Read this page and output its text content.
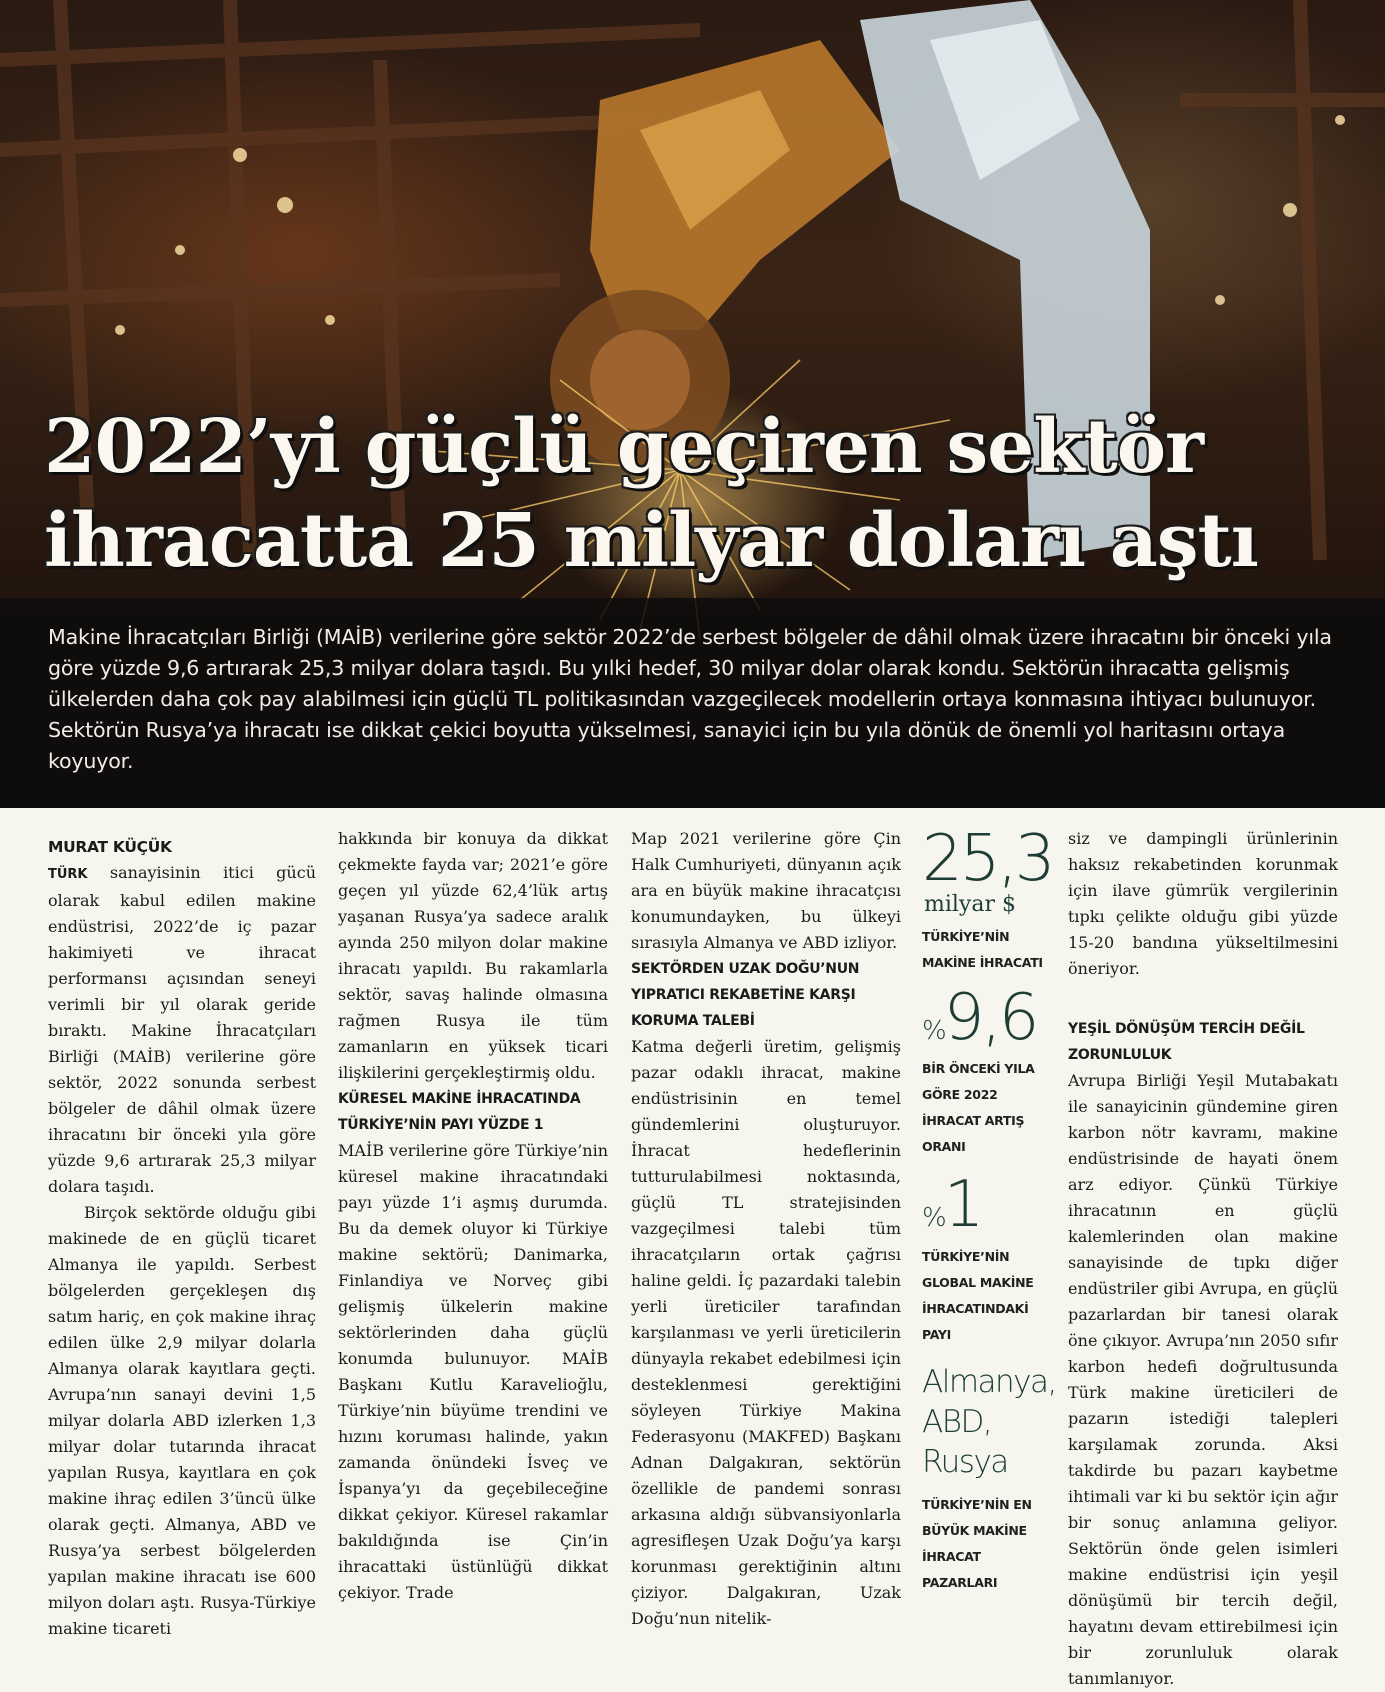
2022’yi güçlü geçiren sektör
ihracatta 25 milyar doları aştı

Makine İhracatçıları Birliği (MAİB) verilerine göre sektör 2022’de serbest bölgeler de dâhil olmak üzere ihracatını bir önceki yıla göre yüzde 9,6 artırarak 25,3 milyar dolara taşıdı. Bu yılki hedef, 30 milyar dolar olarak kondu. Sektörün ihracatta gelişmiş ülkelerden daha çok pay alabilmesi için güçlü TL politikasından vazgeçilecek modellerin ortaya konmasına ihtiyacı bulunuyor. Sektörün Rusya’ya ihracatı ise dikkat çekici boyutta yükselmesi, sanayici için bu yıla dönük de önemli yol haritasını ortaya koyuyor.

MURAT KÜÇÜK

TÜRK sanayisinin itici gücü olarak kabul edilen makine endüstrisi, 2022’de iç pazar hakimiyeti ve ihracat performansı açısından seneyi verimli bir yıl olarak geride bıraktı. Makine İhracatçıları Birliği (MAİB) verilerine göre sektör, 2022 sonunda serbest bölgeler de dâhil olmak üzere ihracatını bir önceki yıla göre yüzde 9,6 artırarak 25,3 milyar dolara taşıdı.

Birçok sektörde olduğu gibi makinede de en güçlü ticaret Almanya ile yapıldı. Serbest bölgelerden gerçekleşen dış satım hariç, en çok makine ihraç edilen ülke 2,9 milyar dolarla Almanya olarak kayıtlara geçti. Avrupa’nın sanayi devini 1,5 milyar dolarla ABD izlerken 1,3 milyar dolar tutarında ihracat yapılan Rusya, kayıtlara en çok makine ihraç edilen 3’üncü ülke olarak geçti. Almanya, ABD ve Rusya’ya serbest bölgelerden yapılan makine ihracatı ise 600 milyon doları aştı. Rusya-Türkiye makine ticareti

hakkında bir konuya da dikkat çekmekte fayda var; 2021’e göre geçen yıl yüzde 62,4’lük artış yaşanan Rusya’ya sadece aralık ayında 250 milyon dolar makine ihracatı yapıldı. Bu rakamlarla sektör, savaş halinde olmasına rağmen Rusya ile tüm zamanların en yüksek ticari ilişkilerini gerçekleştirmiş oldu.

KÜRESEL MAKİNE İHRACATINDA TÜRKİYE’NİN PAYI YÜZDE 1

MAİB verilerine göre Türkiye’nin küresel makine ihracatındaki payı yüzde 1’i aşmış durumda. Bu da demek oluyor ki Türkiye makine sektörü; Danimarka, Finlandiya ve Norveç gibi gelişmiş ülkelerin makine sektörlerinden daha güçlü konumda bulunuyor. MAİB Başkanı Kutlu Karavelioğlu, Türkiye’nin büyüme trendini ve hızını koruması halinde, yakın zamanda önündeki İsveç ve İspanya’yı da geçebileceğine dikkat çekiyor. Küresel rakamlar bakıldığında ise Çin’in ihracattaki üstünlüğü dikkat çekiyor. Trade

Map 2021 verilerine göre Çin Halk Cumhuriyeti, dünyanın açık ara en büyük makine ihracatçısı konumundayken, bu ülkeyi sırasıyla Almanya ve ABD izliyor.

SEKTÖRDEN UZAK DOĞU’NUN YIPRATICI REKABETİNE KARŞI KORUMA TALEBİ

Katma değerli üretim, gelişmiş pazar odaklı ihracat, makine endüstrisinin en temel gündemlerini oluşturuyor. İhracat hedeflerinin tutturulabilmesi noktasında, güçlü TL stratejisinden vazgeçilmesi talebi tüm ihracatçıların ortak çağrısı haline geldi. İç pazardaki talebin yerli üreticiler tarafından karşılanması ve yerli üreticilerin dünyayla rekabet edebilmesi için desteklenmesi gerektiğini söyleyen Türkiye Makina Federasyonu (MAKFED) Başkanı Adnan Dalgakıran, sektörün özellikle de pandemi sonrası arkasına aldığı sübvansiyonlarla agresifleşen Uzak Doğu’ya karşı korunması gerektiğinin altını çiziyor. Dalgakıran, Uzak Doğu’nun nitelik-

25,3
milyar $
TÜRKİYE’NİN MAKİNE İHRACATI
%9,6
BİR ÖNCEKİ YILA GÖRE 2022 İHRACAT ARTIŞ ORANI
%1
TÜRKİYE’NİN GLOBAL MAKİNE İHRACATINDAKİ PAYI
Almanya,
ABD,
Rusya
TÜRKİYE’NİN EN BÜYÜK MAKİNE İHRACAT PAZARLARI

siz ve dampingli ürünlerinin haksız rekabetinden korunmak için ilave gümrük vergilerinin tıpkı çelikte olduğu gibi yüzde 15-20 bandına yükseltilmesini öneriyor.

YEŞİL DÖNÜŞÜM TERCİH DEĞİL ZORUNLULUK

Avrupa Birliği Yeşil Mutabakatı ile sanayicinin gündemine giren karbon nötr kavramı, makine endüstrisinde de hayati önem arz ediyor. Çünkü Türkiye ihracatının en güçlü kalemlerinden olan makine sanayisinde de tıpkı diğer endüstriler gibi Avrupa, en güçlü pazarlardan bir tanesi olarak öne çıkıyor. Avrupa’nın 2050 sıfır karbon hedefi doğrultusunda Türk makine üreticileri de pazarın istediği talepleri karşılamak zorunda. Aksi takdirde bu pazarı kaybetme ihtimali var ki bu sektör için ağır bir sonuç anlamına geliyor. Sektörün önde gelen isimleri makine endüstrisi için yeşil dönüşümü bir tercih değil, hayatını devam ettirebilmesi için bir zorunluluk olarak tanımlanıyor.
